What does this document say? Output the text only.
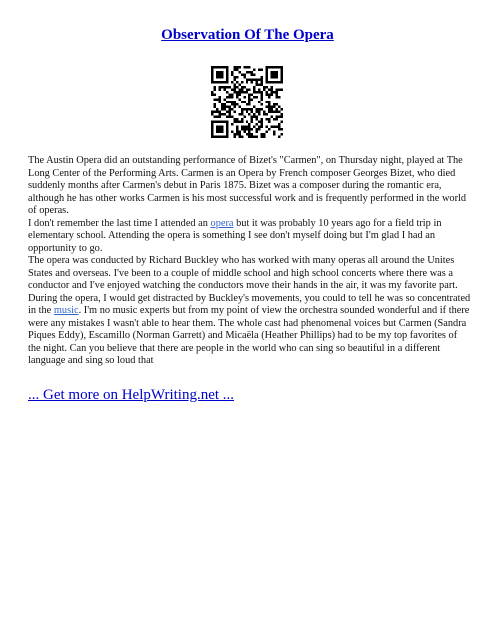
Observation Of The Opera

The Austin Opera did an outstanding performance of Bizet's "Carmen", on Thursday night, played at The Long Center of the Performing Arts. Carmen is an Opera by French composer Georges Bizet, who died suddenly months after Carmen's debut in Paris 1875. Bizet was a composer during the romantic era, although he has other works Carmen is his most successful work and is frequently performed in the world of operas.

I don't remember the last time I attended an opera but it was probably 10 years ago for a field trip in elementary school. Attending the opera is something I see don't myself doing but I'm glad I had an opportunity to go.

The opera was conducted by Richard Buckley who has worked with many operas all around the Unites States and overseas. I've been to a couple of middle school and high school concerts where there was a conductor and I've enjoyed watching the conductors move their hands in the air, it was my favorite part. During the opera, I would get distracted by Buckley's movements, you could to tell he was so concentrated in the music. I'm no music experts but from my point of view the orchestra sounded wonderful and if there were any mistakes I wasn't able to hear them. The whole cast had phenomenal voices but Carmen (Sandra Piques Eddy), Escamillo (Norman Garrett) and Micaëla (Heather Phillips) had to be my top favorites of the night. Can you believe that there are people in the world who can sing so beautiful in a different language and sing so loud that

... Get more on HelpWriting.net ...
